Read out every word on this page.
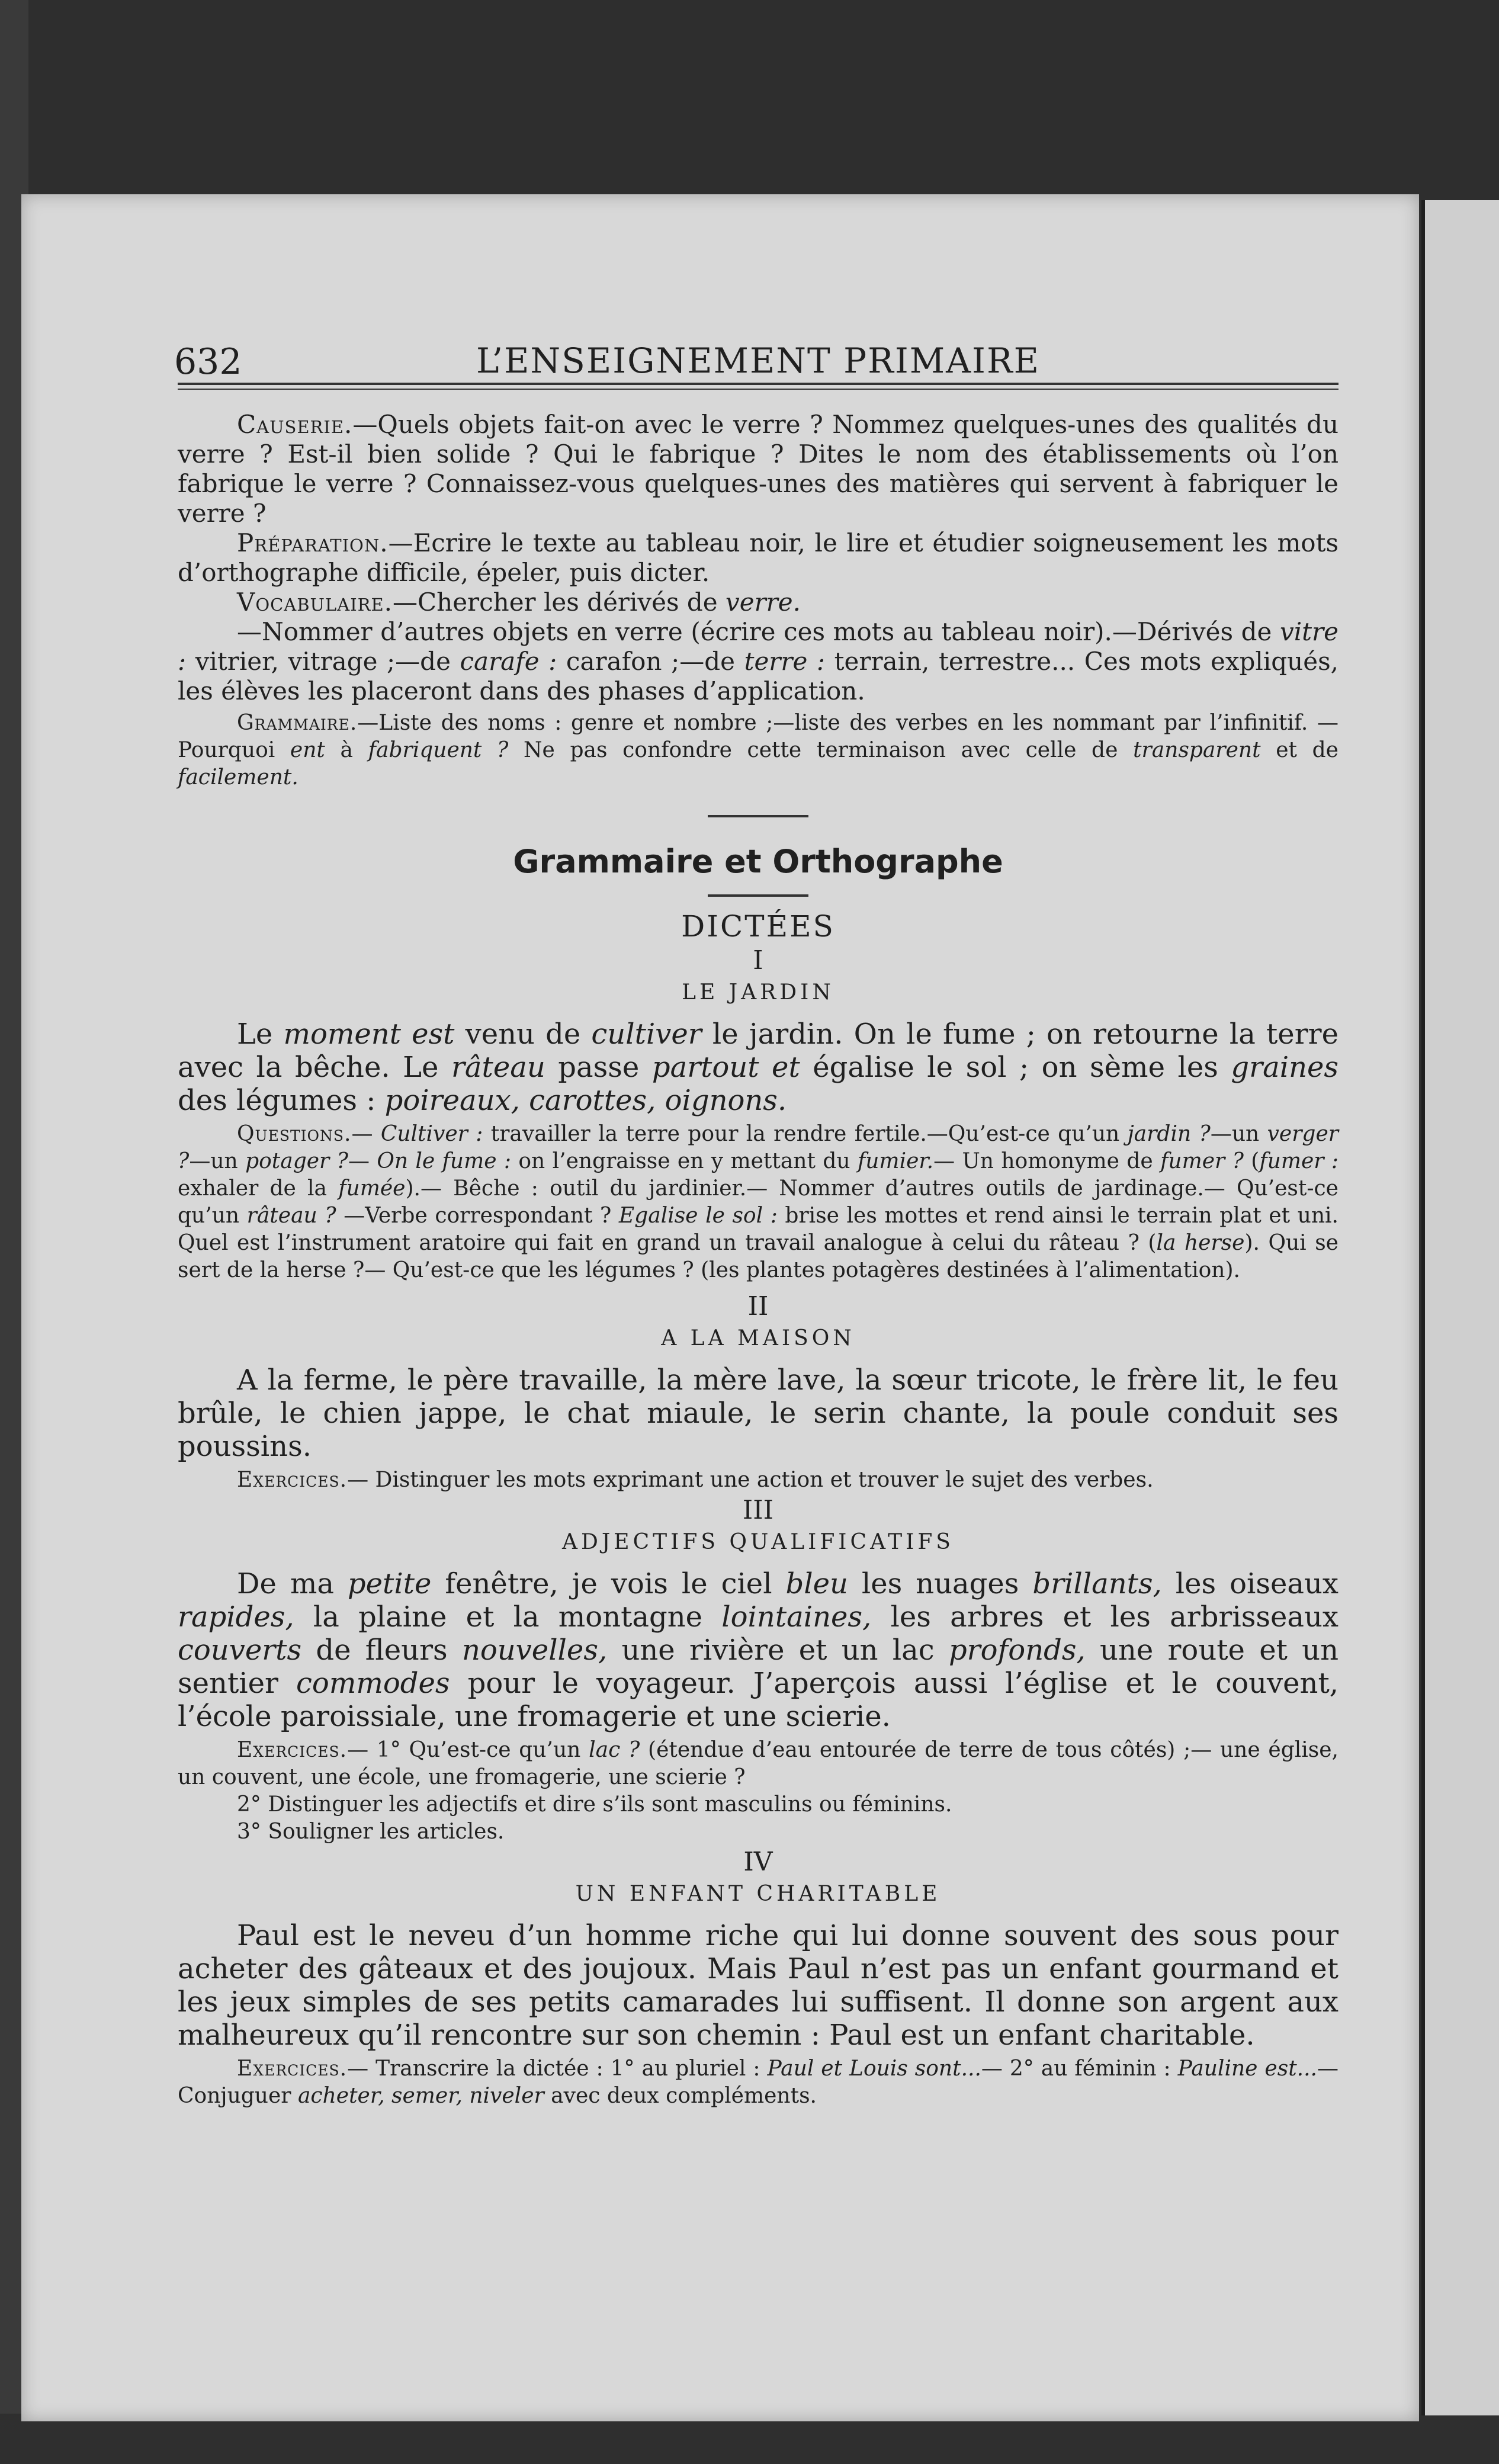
632	L’ENSEIGNEMENT PRIMAIRE

Causerie.—Quels objets fait-on avec le verre ? Nommez quelques-unes des qualités du verre ? Est-il bien solide ? Qui le fabrique ? Dites le nom des établissements où l’on fabrique le verre ? Connaissez-vous quelques-unes des matières qui servent à fabriquer le verre ?

Préparation.—Ecrire le texte au tableau noir, le lire et étudier soigneusement les mots d’orthographe difficile, épeler, puis dicter.

Vocabulaire.—Chercher les dérivés de verre.

—Nommer d’autres objets en verre (écrire ces mots au tableau noir).—Dérivés de vitre : vitrier, vitrage ;—de carafe : carafon ;—de terre : terrain, terrestre... Ces mots expliqués, les élèves les placeront dans des phases d’application.

Grammaire.—Liste des noms : genre et nombre ;—liste des verbes en les nommant par l’infinitif. —Pourquoi ent à fabriquent ? Ne pas confondre cette terminaison avec celle de transparent et de facilement.

Grammaire et Orthographe
DICTÉES
I
LE JARDIN

Le moment est venu de cultiver le jardin. On le fume ; on retourne la terre avec la bêche. Le râteau passe partout et égalise le sol ; on sème les graines des légumes : poireaux, carottes, oignons.

Questions.— Cultiver : travailler la terre pour la rendre fertile.—Qu’est-ce qu’un jardin ?—un verger ?—un potager ?— On le fume : on l’engraisse en y mettant du fumier.— Un homonyme de fumer ? (fumer : exhaler de la fumée).— Bêche : outil du jardinier.— Nommer d’autres outils de jardinage.— Qu’est-ce qu’un râteau ? —Verbe correspondant ? Egalise le sol : brise les mottes et rend ainsi le terrain plat et uni. Quel est l’instrument aratoire qui fait en grand un travail analogue à celui du râteau ? (la herse). Qui se sert de la herse ?— Qu’est-ce que les légumes ? (les plantes potagères destinées à l’alimentation).

II
A LA MAISON

A la ferme, le père travaille, la mère lave, la sœur tricote, le frère lit, le feu brûle, le chien jappe, le chat miaule, le serin chante, la poule conduit ses poussins.

Exercices.— Distinguer les mots exprimant une action et trouver le sujet des verbes.

III
ADJECTIFS QUALIFICATIFS

De ma petite fenêtre, je vois le ciel bleu les nuages brillants, les oiseaux rapides, la plaine et la montagne lointaines, les arbres et les arbrisseaux couverts de fleurs nouvelles, une rivière et un lac profonds, une route et un sentier commodes pour le voyageur. J’aperçois aussi l’église et le couvent, l’école paroissiale, une fromagerie et une scierie.

Exercices.— 1° Qu’est-ce qu’un lac ? (étendue d’eau entourée de terre de tous côtés) ;— une église, un couvent, une école, une fromagerie, une scierie ?

2° Distinguer les adjectifs et dire s’ils sont masculins ou féminins.

3° Souligner les articles.

IV
UN ENFANT CHARITABLE

Paul est le neveu d’un homme riche qui lui donne souvent des sous pour acheter des gâteaux et des joujoux. Mais Paul n’est pas un enfant gourmand et les jeux simples de ses petits camarades lui suffisent. Il donne son argent aux malheureux qu’il rencontre sur son chemin : Paul est un enfant charitable.

Exercices.— Transcrire la dictée : 1° au pluriel : Paul et Louis sont...— 2° au féminin : Pauline est...— Conjuguer acheter, semer, niveler avec deux compléments.
